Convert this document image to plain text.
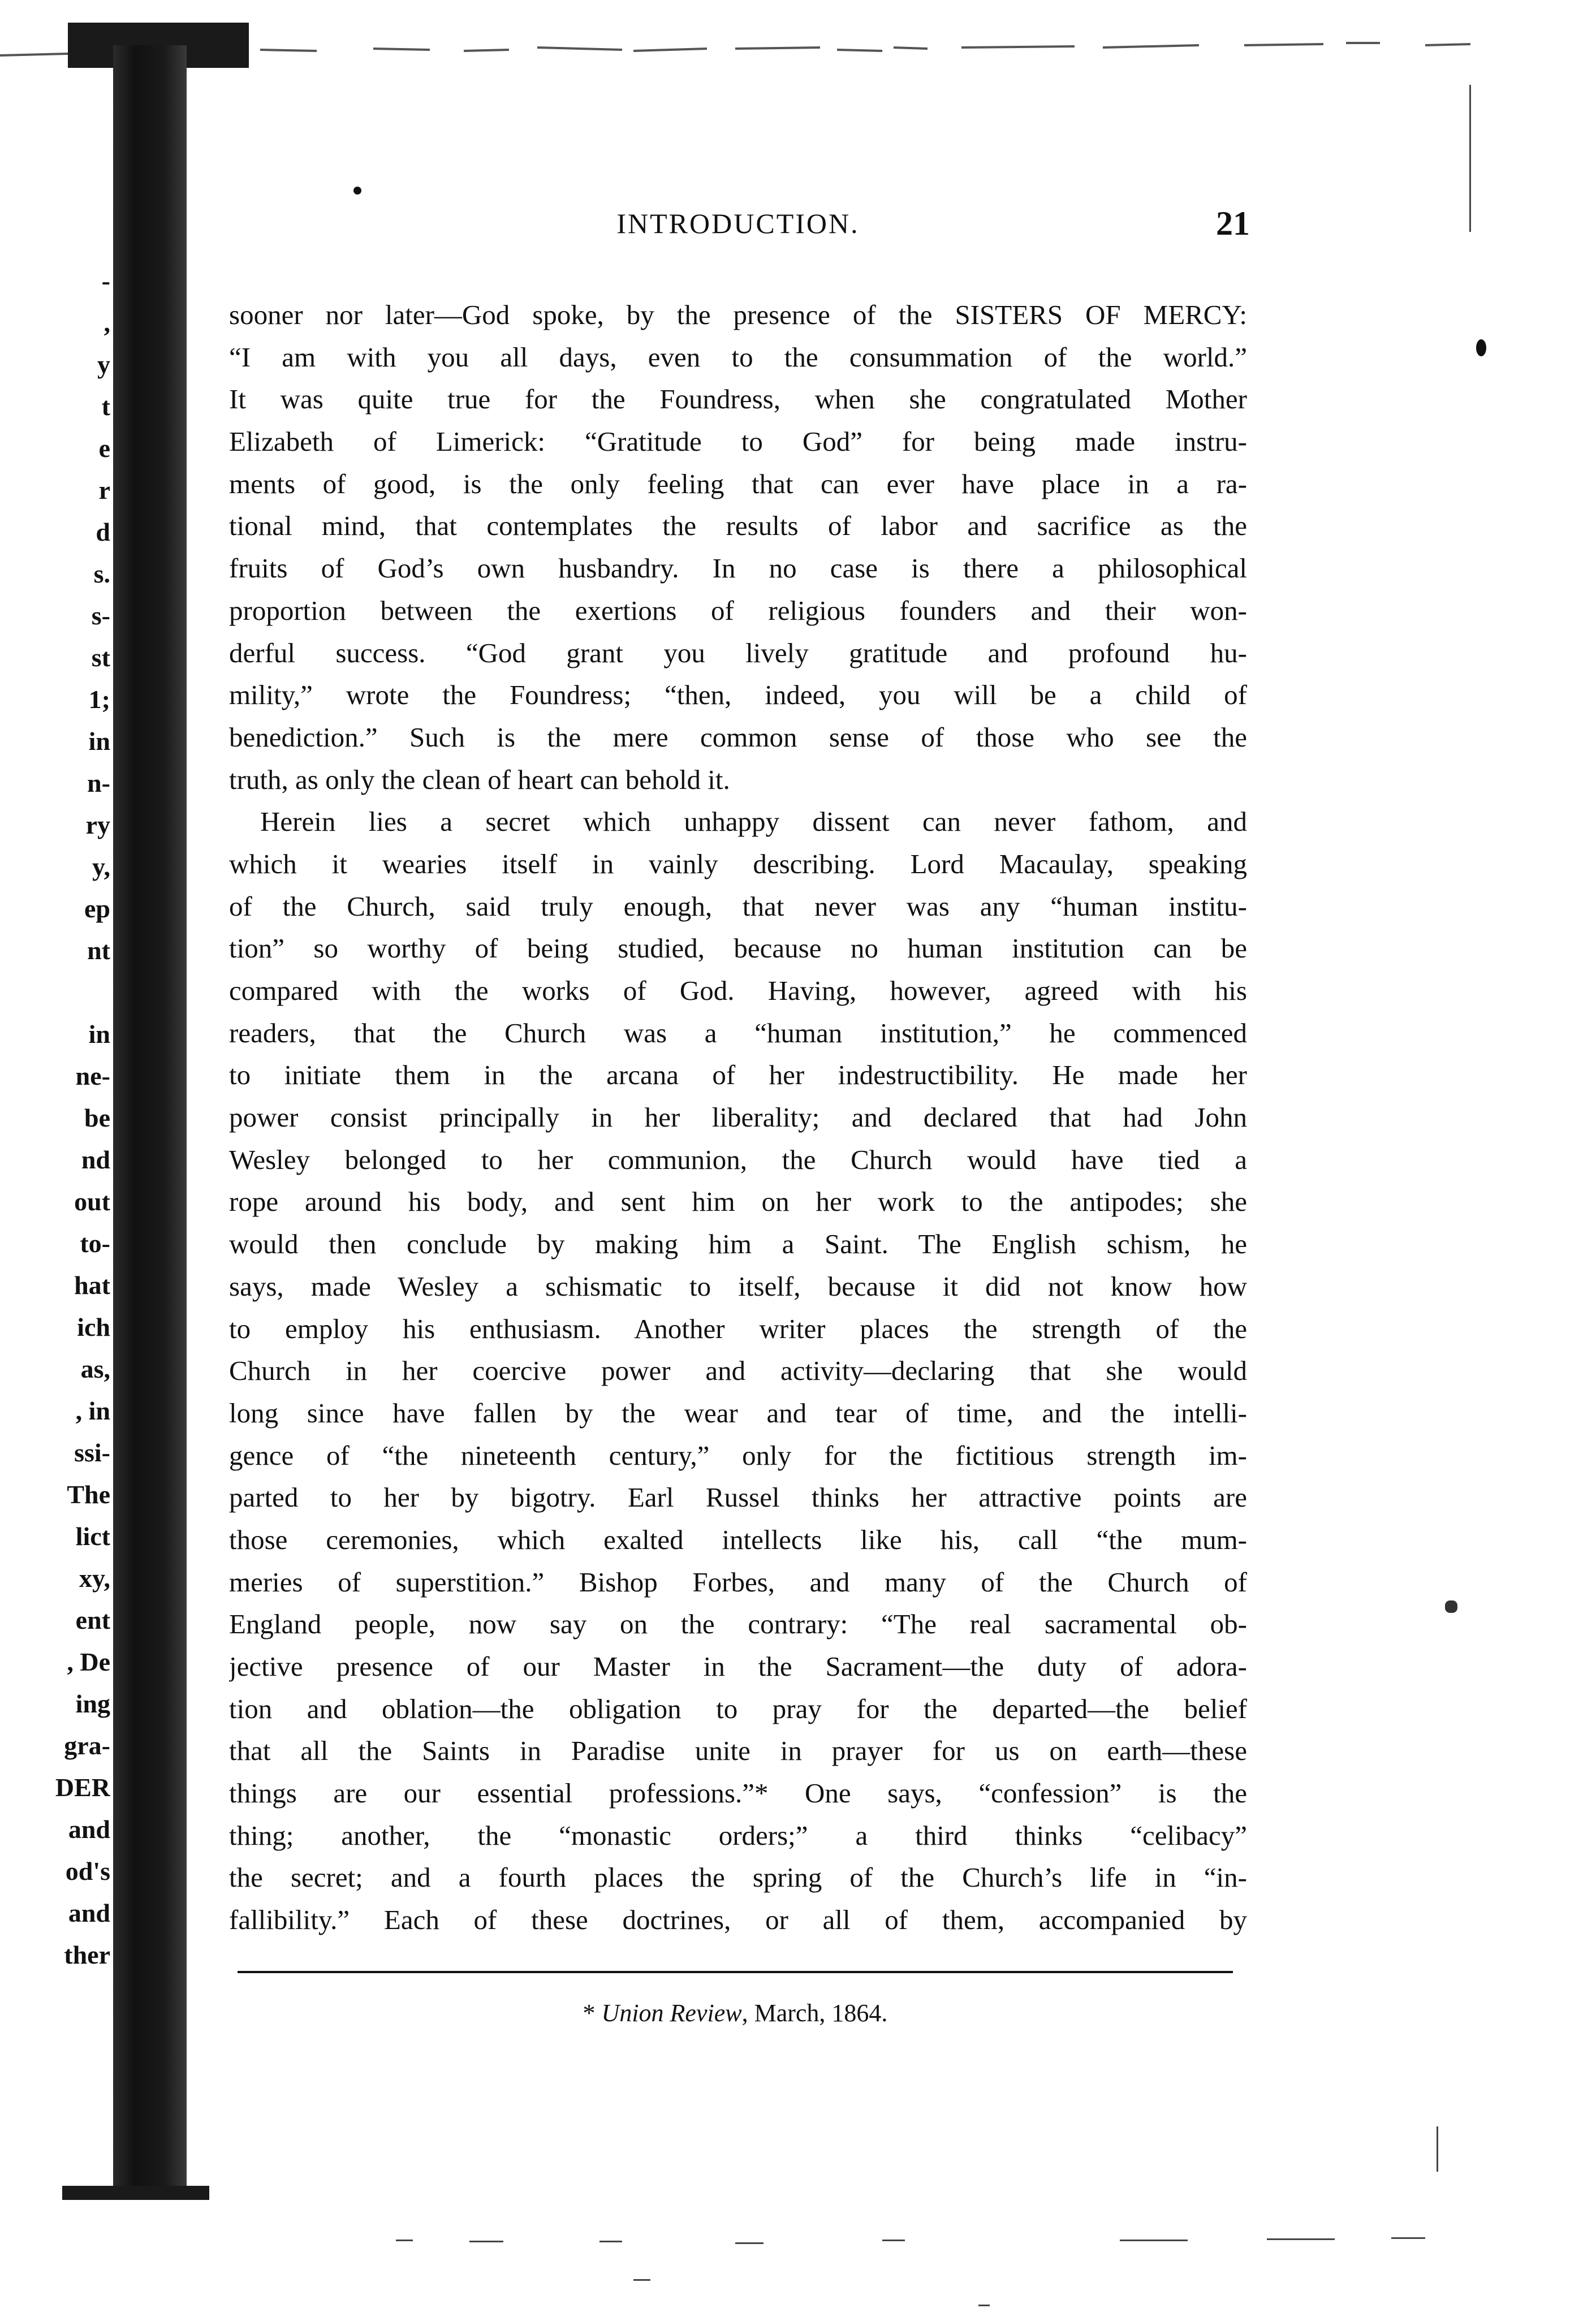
-
,
y
t
e
r
d
s.
s-
st
1;
in
n-
ry
y,
ep
nt
in
ne-
be
nd
out
to-
hat
ich
as,
, in
ssi-
The
lict
xy,
ent
, De
ing
gra-
DER
and
od's
and
ther
INTRODUCTION.	21
sooner nor later—God spoke, by the presence of the SISTERS OF MERCY:
“I am with you all days, even to the consummation of the world.”
It was quite true for the Foundress, when she congratulated Mother
Elizabeth of Limerick: “Gratitude to God” for being made instru-
ments of good, is the only feeling that can ever have place in a ra-
tional mind, that contemplates the results of labor and sacrifice as the
fruits of God’s own husbandry. In no case is there a philosophical
proportion between the exertions of religious founders and their won-
derful success. “God grant you lively gratitude and profound hu-
mility,” wrote the Foundress; “then, indeed, you will be a child of
benediction.” Such is the mere common sense of those who see the
truth, as only the clean of heart can behold it.
Herein lies a secret which unhappy dissent can never fathom, and
which it wearies itself in vainly describing. Lord Macaulay, speaking
of the Church, said truly enough, that never was any “human institu-
tion” so worthy of being studied, because no human institution can be
compared with the works of God. Having, however, agreed with his
readers, that the Church was a “human institution,” he commenced
to initiate them in the arcana of her indestructibility. He made her
power consist principally in her liberality; and declared that had John
Wesley belonged to her communion, the Church would have tied a
rope around his body, and sent him on her work to the antipodes; she
would then conclude by making him a Saint. The English schism, he
says, made Wesley a schismatic to itself, because it did not know how
to employ his enthusiasm. Another writer places the strength of the
Church in her coercive power and activity—declaring that she would
long since have fallen by the wear and tear of time, and the intelli-
gence of “the nineteenth century,” only for the fictitious strength im-
parted to her by bigotry. Earl Russel thinks her attractive points are
those ceremonies, which exalted intellects like his, call “the mum-
meries of superstition.” Bishop Forbes, and many of the Church of
England people, now say on the contrary: “The real sacramental ob-
jective presence of our Master in the Sacrament—the duty of adora-
tion and oblation—the obligation to pray for the departed—the belief
that all the Saints in Paradise unite in prayer for us on earth—these
things are our essential professions.”* One says, “confession” is the
thing; another, the “monastic orders;” a third thinks “celibacy”
the secret; and a fourth places the spring of the Church’s life in “in-
fallibility.” Each of these doctrines, or all of them, accompanied by
* Union Review, March, 1864.
